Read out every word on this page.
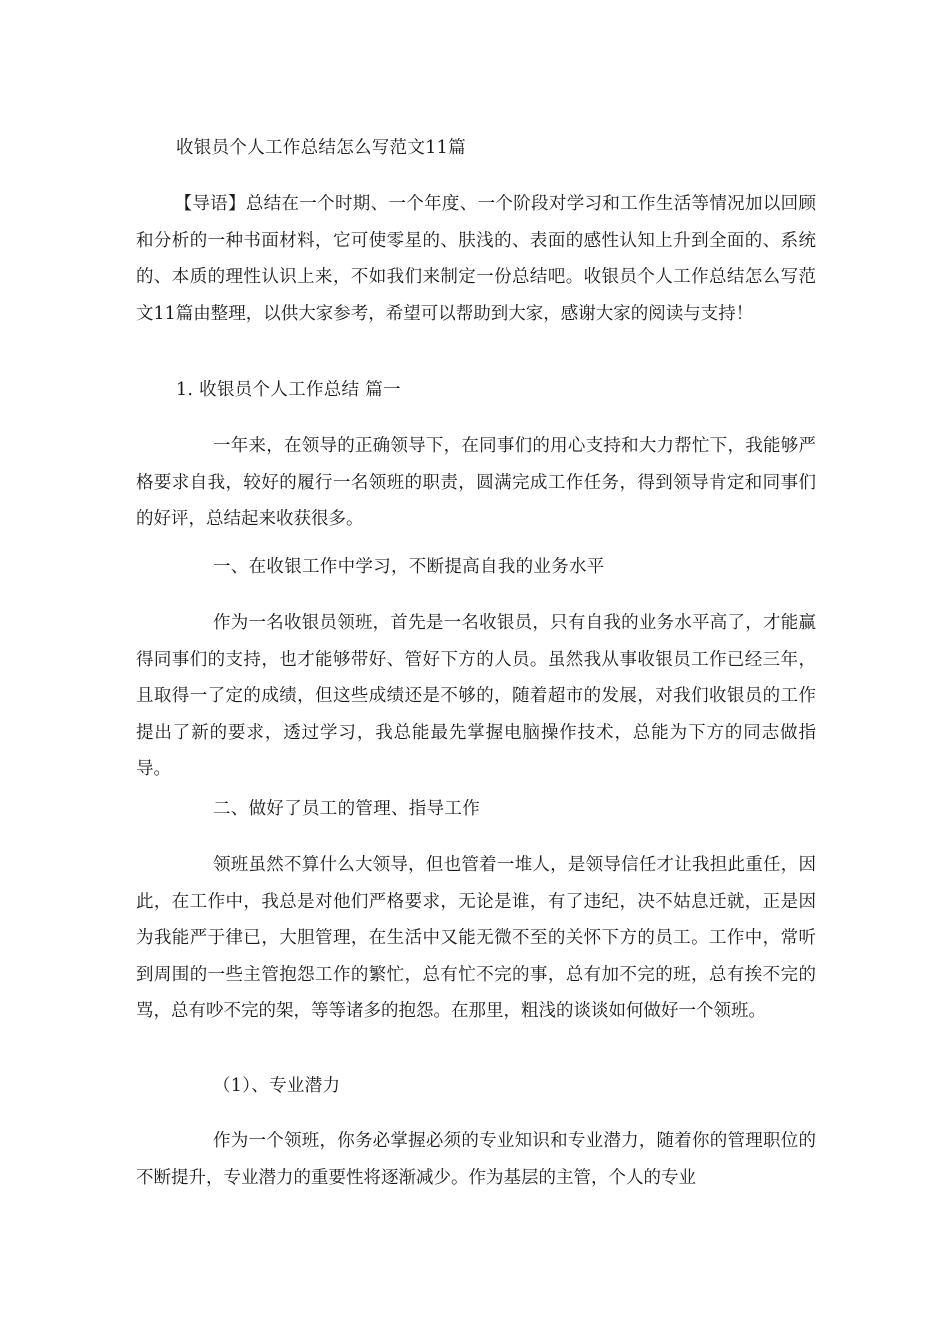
收银员个人工作总结怎么写范文11篇

【导语】总结在一个时期、一个年度、一个阶段对学习和工作生活等情况加以回顾和分析的一种书面材料，它可使零星的、肤浅的、表面的感性认知上升到全面的、系统的、本质的理性认识上来，不如我们来制定一份总结吧。收银员个人工作总结怎么写范文11篇由整理，以供大家参考，希望可以帮助到大家，感谢大家的阅读与支持！

1. 收银员个人工作总结 篇一

一年来，在领导的正确领导下，在同事们的用心支持和大力帮忙下，我能够严格要求自我，较好的履行一名领班的职责，圆满完成工作任务，得到领导肯定和同事们的好评，总结起来收获很多。

一、在收银工作中学习，不断提高自我的业务水平

作为一名收银员领班，首先是一名收银员，只有自我的业务水平高了，才能赢得同事们的支持，也才能够带好、管好下方的人员。虽然我从事收银员工作已经三年，且取得一了定的成绩，但这些成绩还是不够的，随着超市的发展，对我们收银员的工作提出了新的要求，透过学习，我总能最先掌握电脑操作技术，总能为下方的同志做指导。

二、做好了员工的管理、指导工作

领班虽然不算什么大领导，但也管着一堆人，是领导信任才让我担此重任，因此，在工作中，我总是对他们严格要求，无论是谁，有了违纪，决不姑息迁就，正是因为我能严于律已，大胆管理，在生活中又能无微不至的关怀下方的员工。工作中，常听到周围的一些主管抱怨工作的繁忙，总有忙不完的事，总有加不完的班，总有挨不完的骂，总有吵不完的架，等等诸多的抱怨。在那里，粗浅的谈谈如何做好一个领班。

（1）、专业潜力

作为一个领班，你务必掌握必须的专业知识和专业潜力，随着你的管理职位的不断提升，专业潜力的重要性将逐渐减少。作为基层的主管，个人的专业
